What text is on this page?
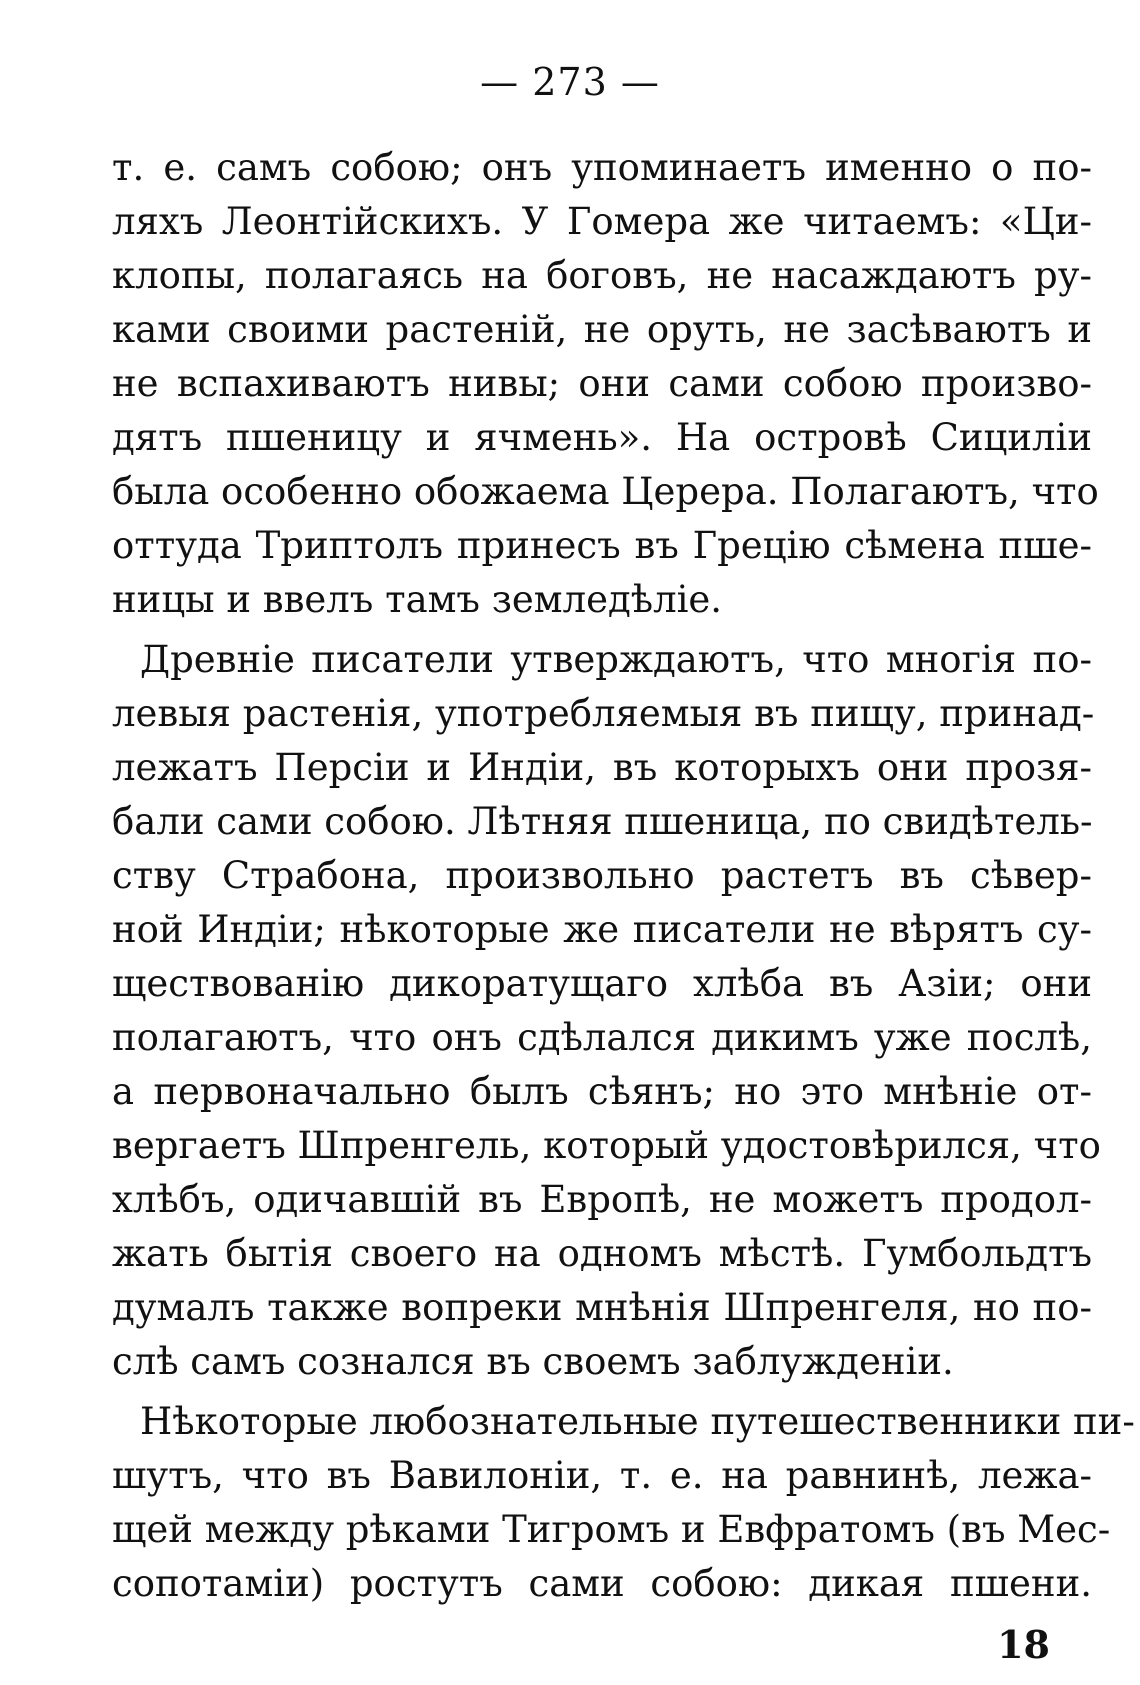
— 273 —
т. е. самъ собою; онъ упоминаетъ именно о по-
ляхъ Леонтійскихъ. У Гомера же читаемъ: «Ци-
клопы, полагаясь на боговъ, не насаждаютъ ру-
ками своими растеній, не оруть, не засѣваютъ и
не вспахиваютъ нивы; они сами собою произво-
дятъ пшеницу и ячмень». На островѣ Сициліи
была особенно обожаема Церера. Полагаютъ, что
оттуда Триптолъ принесъ въ Грецію сѣмена пше-
ницы и ввелъ тамъ земледѣліе.
Древніе писатели утверждаютъ, что многія по-
левыя растенія, употребляемыя въ пищу, принад-
лежатъ Персіи и Индіи, въ которыхъ они прозя-
бали сами собою. Лѣтняя пшеница, по свидѣтель-
ству Страбона, произвольно растетъ въ сѣвер-
ной Индіи; нѣкоторые же писатели не вѣрятъ су-
ществованію дикоратущаго хлѣба въ Азіи; они
полагаютъ, что онъ сдѣлался дикимъ уже послѣ,
а первоначально былъ сѣянъ; но это мнѣніе от-
вергаетъ Шпренгель, который удостовѣрился, что
хлѣбъ, одичавшій въ Европѣ, не можетъ продол-
жать бытія своего на одномъ мѣстѣ. Гумбольдтъ
думалъ также вопреки мнѣнія Шпренгеля, но по-
слѣ самъ сознался въ своемъ заблужденіи.
Нѣкоторые любознательные путешественники пи-
шутъ, что въ Вавилоніи, т. е. на равнинѣ, лежа-
щей между рѣками Тигромъ и Евфратомъ (въ Мес-
сопотаміи) ростутъ сами собою: дикая пшени.
18
